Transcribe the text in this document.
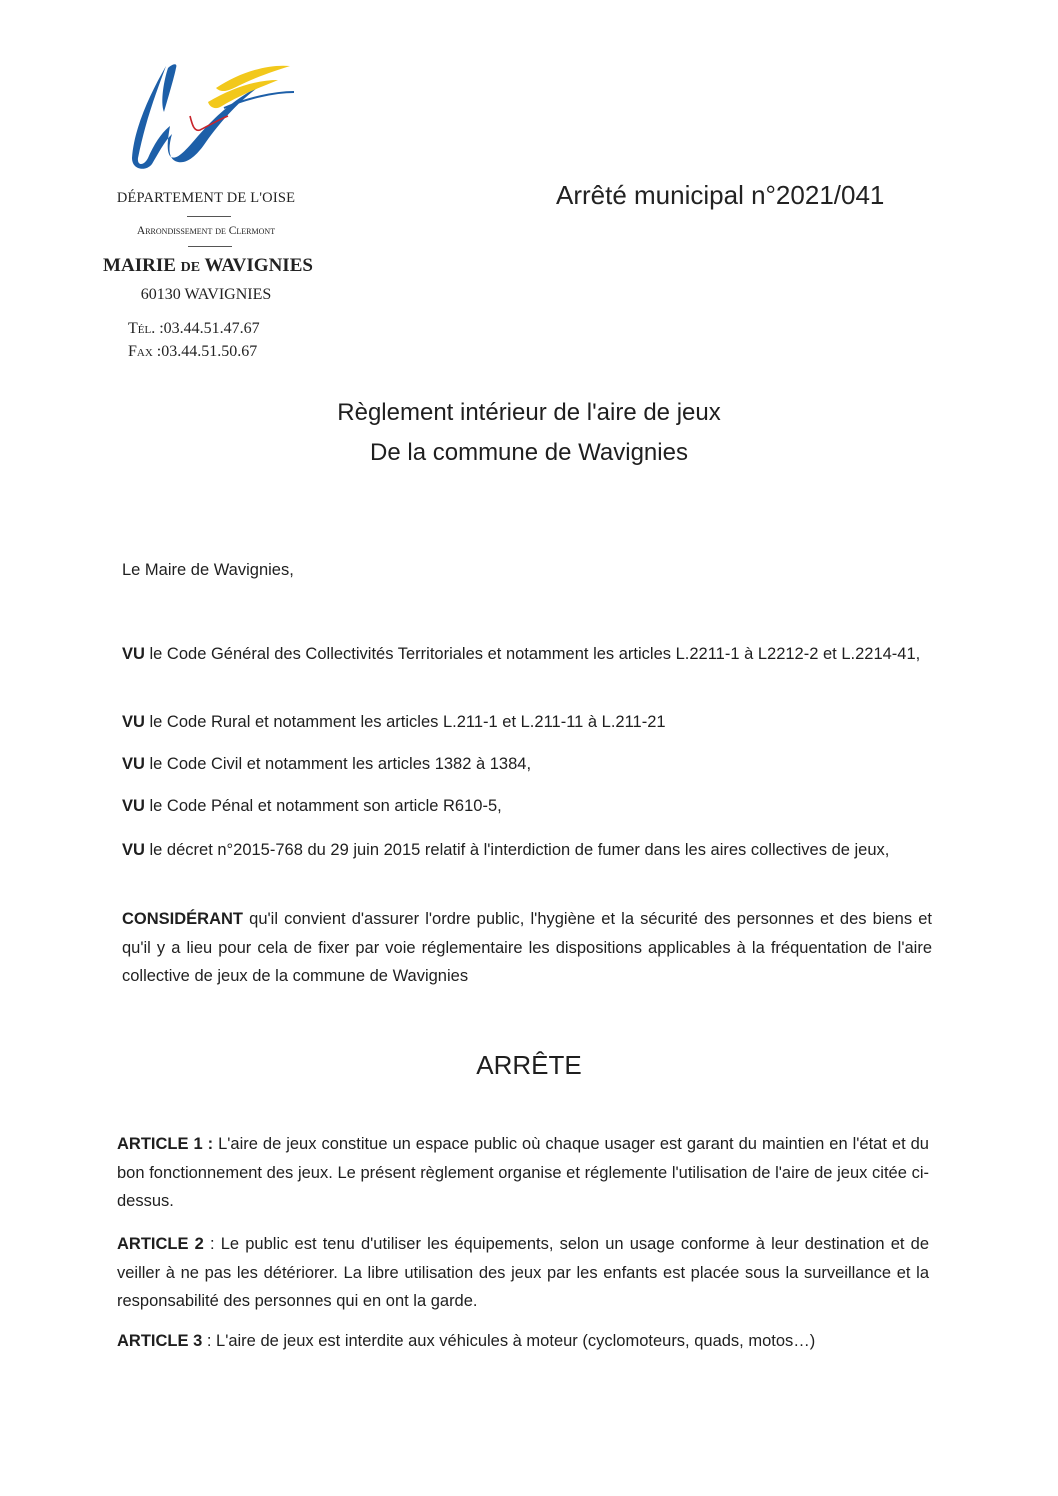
DÉPARTEMENT DE L'OISE
Arrondissement de Clermont
MAIRIE DE WAVIGNIES
60130 WAVIGNIES
Tél. :03.44.51.47.67
Fax :03.44.51.50.67
Arrêté municipal n°2021/041
Règlement intérieur de l'aire de jeux
De la commune de Wavignies
Le Maire de Wavignies,
VU le Code Général des Collectivités Territoriales et notamment les articles L.2211-1 à L2212-2 et L.2214-41,
VU le Code Rural et notamment les articles L.211-1 et L.211-11 à L.211-21
VU le Code Civil et notamment les articles 1382 à 1384,
VU le Code Pénal et notamment son article R610-5,
VU le décret n°2015-768 du 29 juin 2015 relatif à l'interdiction de fumer dans les aires collectives de jeux,
CONSIDÉRANT qu'il convient d'assurer l'ordre public, l'hygiène et la sécurité des personnes et des biens et qu'il y a lieu pour cela de fixer par voie réglementaire les dispositions applicables à la fréquentation de l'aire collective de jeux de la commune de Wavignies
ARRÊTE
ARTICLE 1 : L'aire de jeux constitue un espace public où chaque usager est garant du maintien en l'état et du bon fonctionnement des jeux. Le présent règlement organise et réglemente l'utilisation de l'aire de jeux citée ci-dessus.
ARTICLE 2 : Le public est tenu d'utiliser les équipements, selon un usage conforme à leur destination et de veiller à ne pas les détériorer. La libre utilisation des jeux par les enfants est placée sous la surveillance et la responsabilité des personnes qui en ont la garde.
ARTICLE 3 : L'aire de jeux est interdite aux véhicules à moteur (cyclomoteurs, quads, motos…)
